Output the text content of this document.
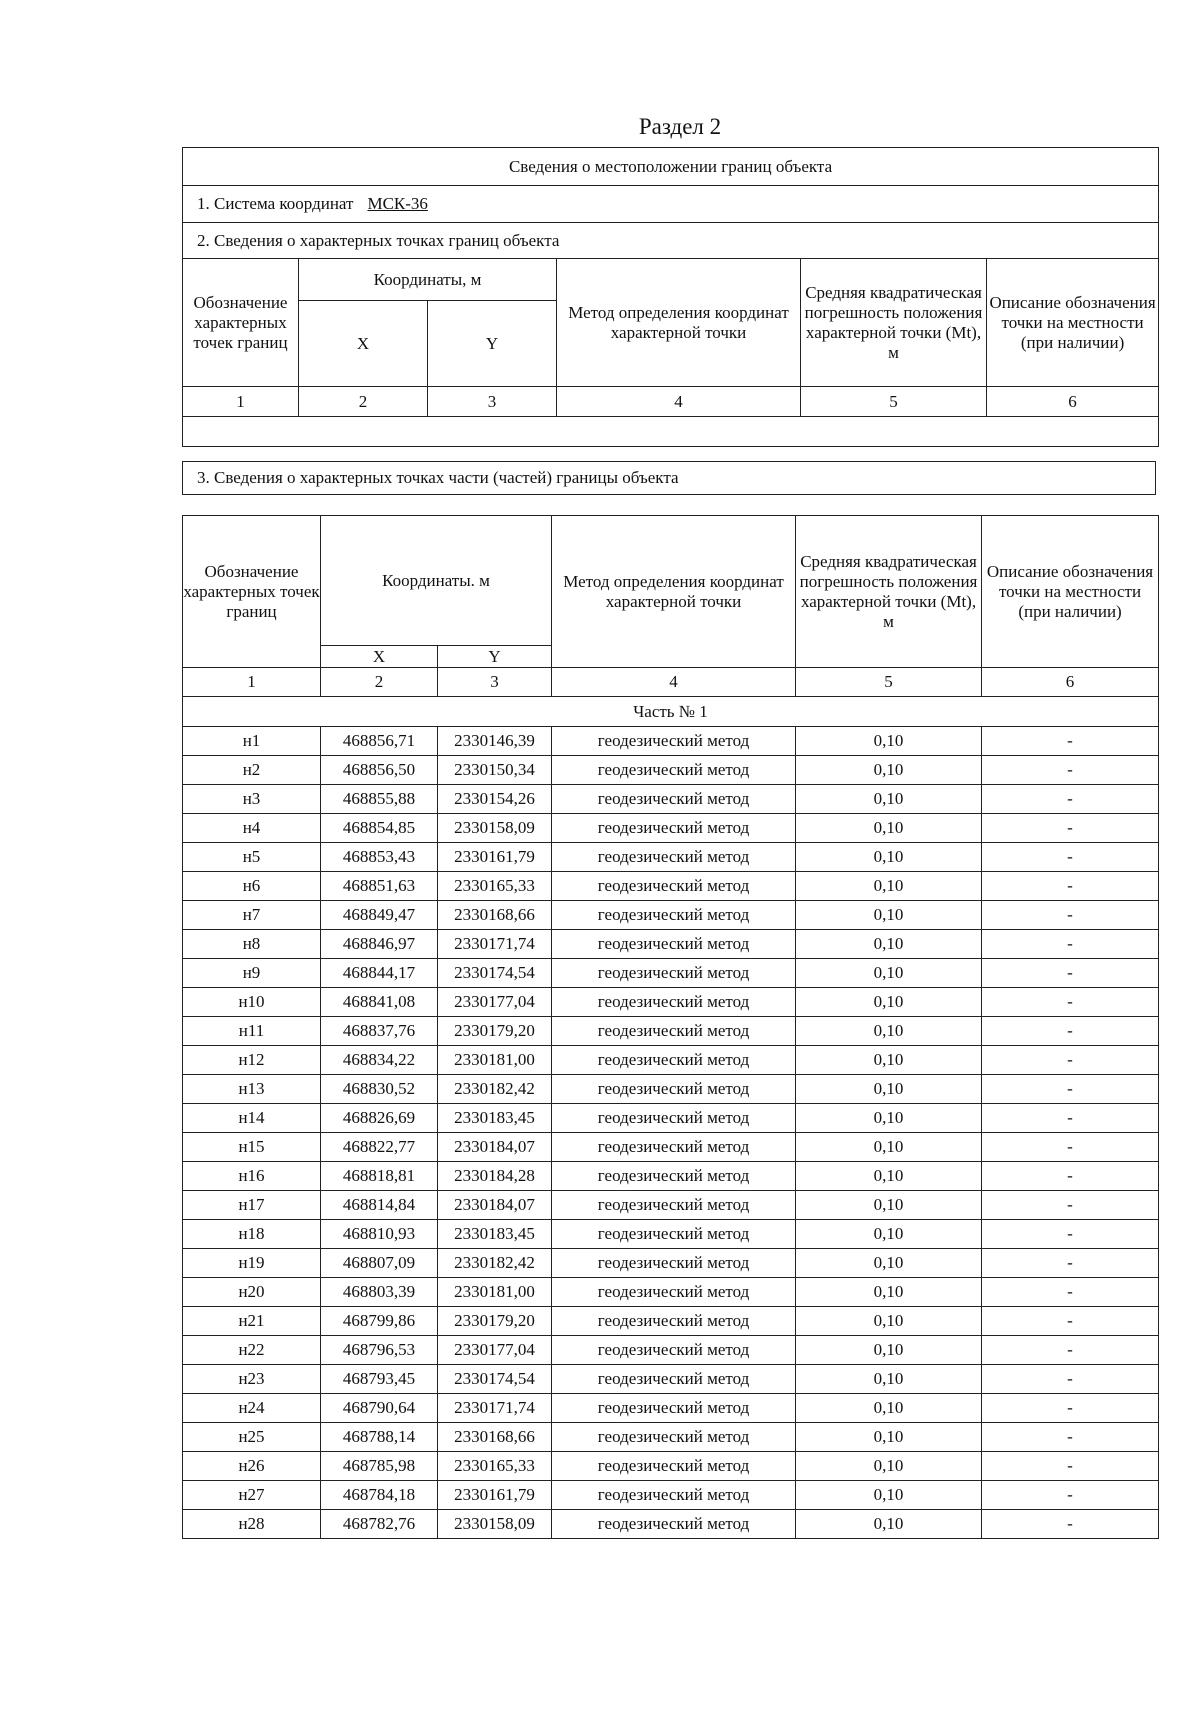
Раздел 2
Сведения о местоположении границ объекта					
1. Система координат МСК-36					
2. Сведения о характерных точках границ объекта					
Обозначение характерных точек границ	Координаты, м		Метод определения координат характерной точки	Средняя квадратическая погрешность положения характерной точки (Mt), м	Описание обозначения точки на местности (при наличии)
	X	Y			
1	2	3	4	5	6

3. Сведения о характерных точках части (частей) границы объекта
Обозначение характерных точек границ	Координаты. м		Метод определения координат характерной точки	Средняя квадратическая погрешность положения характерной точки (Mt), м	Описание обозначения точки на местности (при наличии)
	X	Y			
1	2	3	4	5	6
Часть № 1					
н1	468856,71	2330146,39	геодезический метод	0,10	-
н2	468856,50	2330150,34	геодезический метод	0,10	-
н3	468855,88	2330154,26	геодезический метод	0,10	-
н4	468854,85	2330158,09	геодезический метод	0,10	-
н5	468853,43	2330161,79	геодезический метод	0,10	-
н6	468851,63	2330165,33	геодезический метод	0,10	-
н7	468849,47	2330168,66	геодезический метод	0,10	-
н8	468846,97	2330171,74	геодезический метод	0,10	-
н9	468844,17	2330174,54	геодезический метод	0,10	-
н10	468841,08	2330177,04	геодезический метод	0,10	-
н11	468837,76	2330179,20	геодезический метод	0,10	-
н12	468834,22	2330181,00	геодезический метод	0,10	-
н13	468830,52	2330182,42	геодезический метод	0,10	-
н14	468826,69	2330183,45	геодезический метод	0,10	-
н15	468822,77	2330184,07	геодезический метод	0,10	-
н16	468818,81	2330184,28	геодезический метод	0,10	-
н17	468814,84	2330184,07	геодезический метод	0,10	-
н18	468810,93	2330183,45	геодезический метод	0,10	-
н19	468807,09	2330182,42	геодезический метод	0,10	-
н20	468803,39	2330181,00	геодезический метод	0,10	-
н21	468799,86	2330179,20	геодезический метод	0,10	-
н22	468796,53	2330177,04	геодезический метод	0,10	-
н23	468793,45	2330174,54	геодезический метод	0,10	-
н24	468790,64	2330171,74	геодезический метод	0,10	-
н25	468788,14	2330168,66	геодезический метод	0,10	-
н26	468785,98	2330165,33	геодезический метод	0,10	-
н27	468784,18	2330161,79	геодезический метод	0,10	-
н28	468782,76	2330158,09	геодезический метод	0,10	-
